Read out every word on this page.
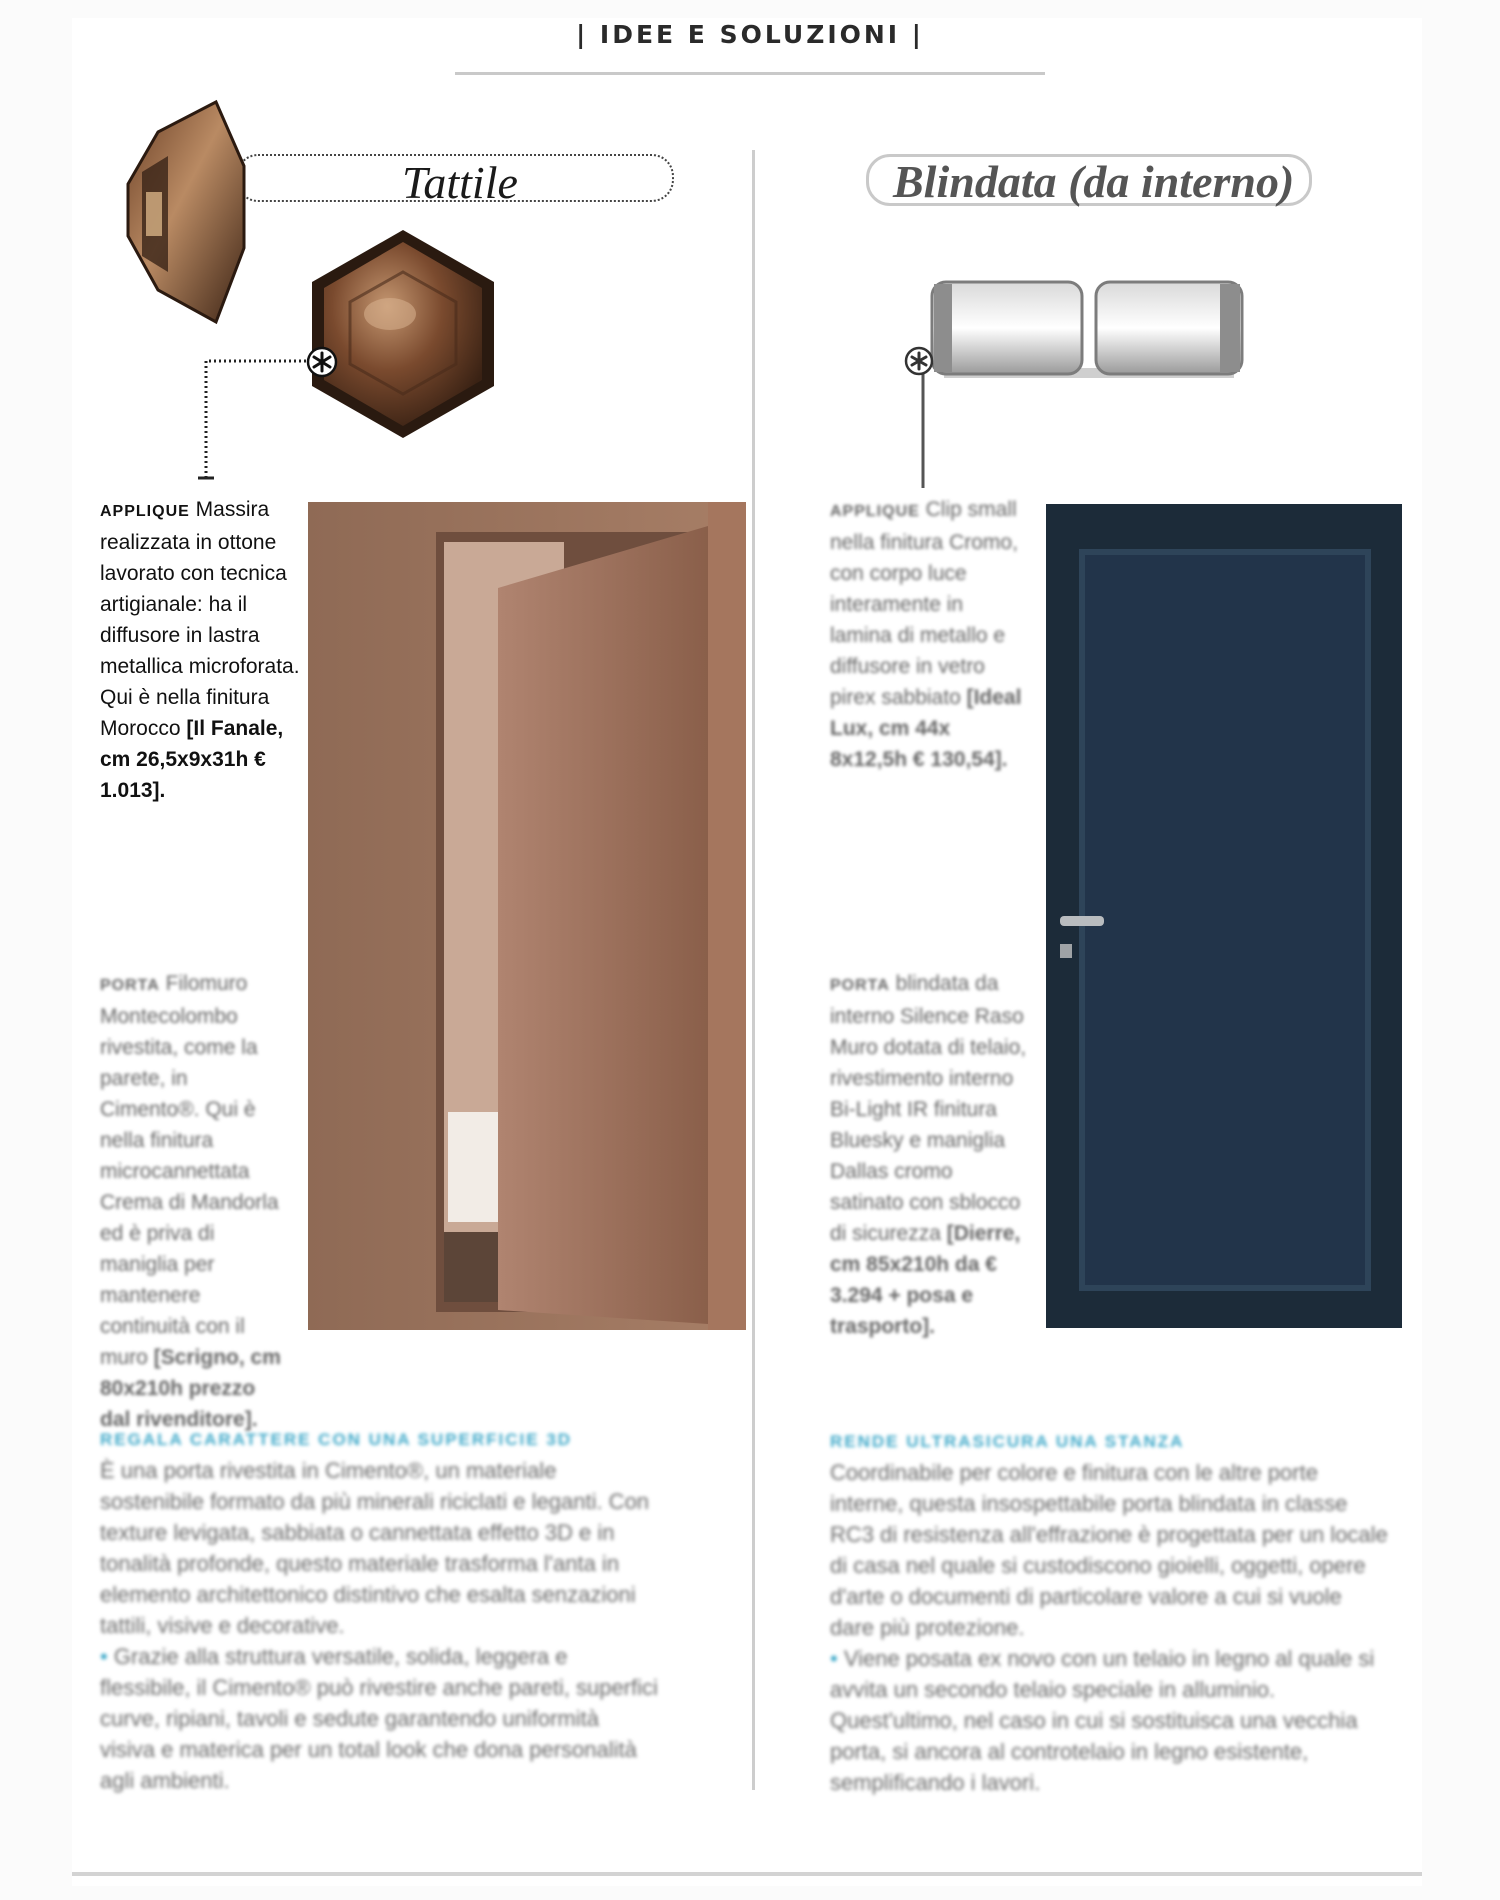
| IDEE E SOLUZIONI |
Tattile
APPLIQUE Massira realizzata in ottone lavorato con tecnica artigianale: ha il diffusore in lastra metallica microforata. Qui è nella finitura Morocco [Il Fanale, cm 26,5x9x31h € 1.013].
PORTA Filomuro Montecolombo rivestita, come la parete, in Cimento®. Qui è nella finitura microcannettata Crema di Mandorla ed è priva di maniglia per mantenere continuità con il muro [Scrigno, cm 80x210h prezzo dal rivenditore].
REGALA CARATTERE CON UNA SUPERFICIE 3D

È una porta rivestita in Cimento®, un materiale sostenibile formato da più minerali riciclati e leganti. Con texture levigata, sabbiata o cannettata effetto 3D e in tonalità profonde, questo materiale trasforma l'anta in elemento architettonico distintivo che esalta senzazioni tattili, visive e decorative.

• Grazie alla struttura versatile, solida, leggera e flessibile, il Cimento® può rivestire anche pareti, superfici curve, ripiani, tavoli e sedute garantendo uniformità visiva e materica per un total look che dona personalità agli ambienti.

Blindata (da interno)
APPLIQUE Clip small nella finitura Cromo, con corpo luce interamente in lamina di metallo e diffusore in vetro pirex sabbiato [Ideal Lux, cm 44x 8x12,5h € 130,54].
PORTA blindata da interno Silence Raso Muro dotata di telaio, rivestimento interno Bi-Light IR finitura Bluesky e maniglia Dallas cromo satinato con sblocco di sicurezza [Dierre, cm 85x210h da € 3.294 + posa e trasporto].
RENDE ULTRASICURA UNA STANZA

Coordinabile per colore e finitura con le altre porte interne, questa insospettabile porta blindata in classe RC3 di resistenza all'effrazione è progettata per un locale di casa nel quale si custodiscono gioielli, oggetti, opere d'arte o documenti di particolare valore a cui si vuole dare più protezione.

• Viene posata ex novo con un telaio in legno al quale si avvita un secondo telaio speciale in alluminio. Quest'ultimo, nel caso in cui si sostituisca una vecchia porta, si ancora al controtelaio in legno esistente, semplificando i lavori.
